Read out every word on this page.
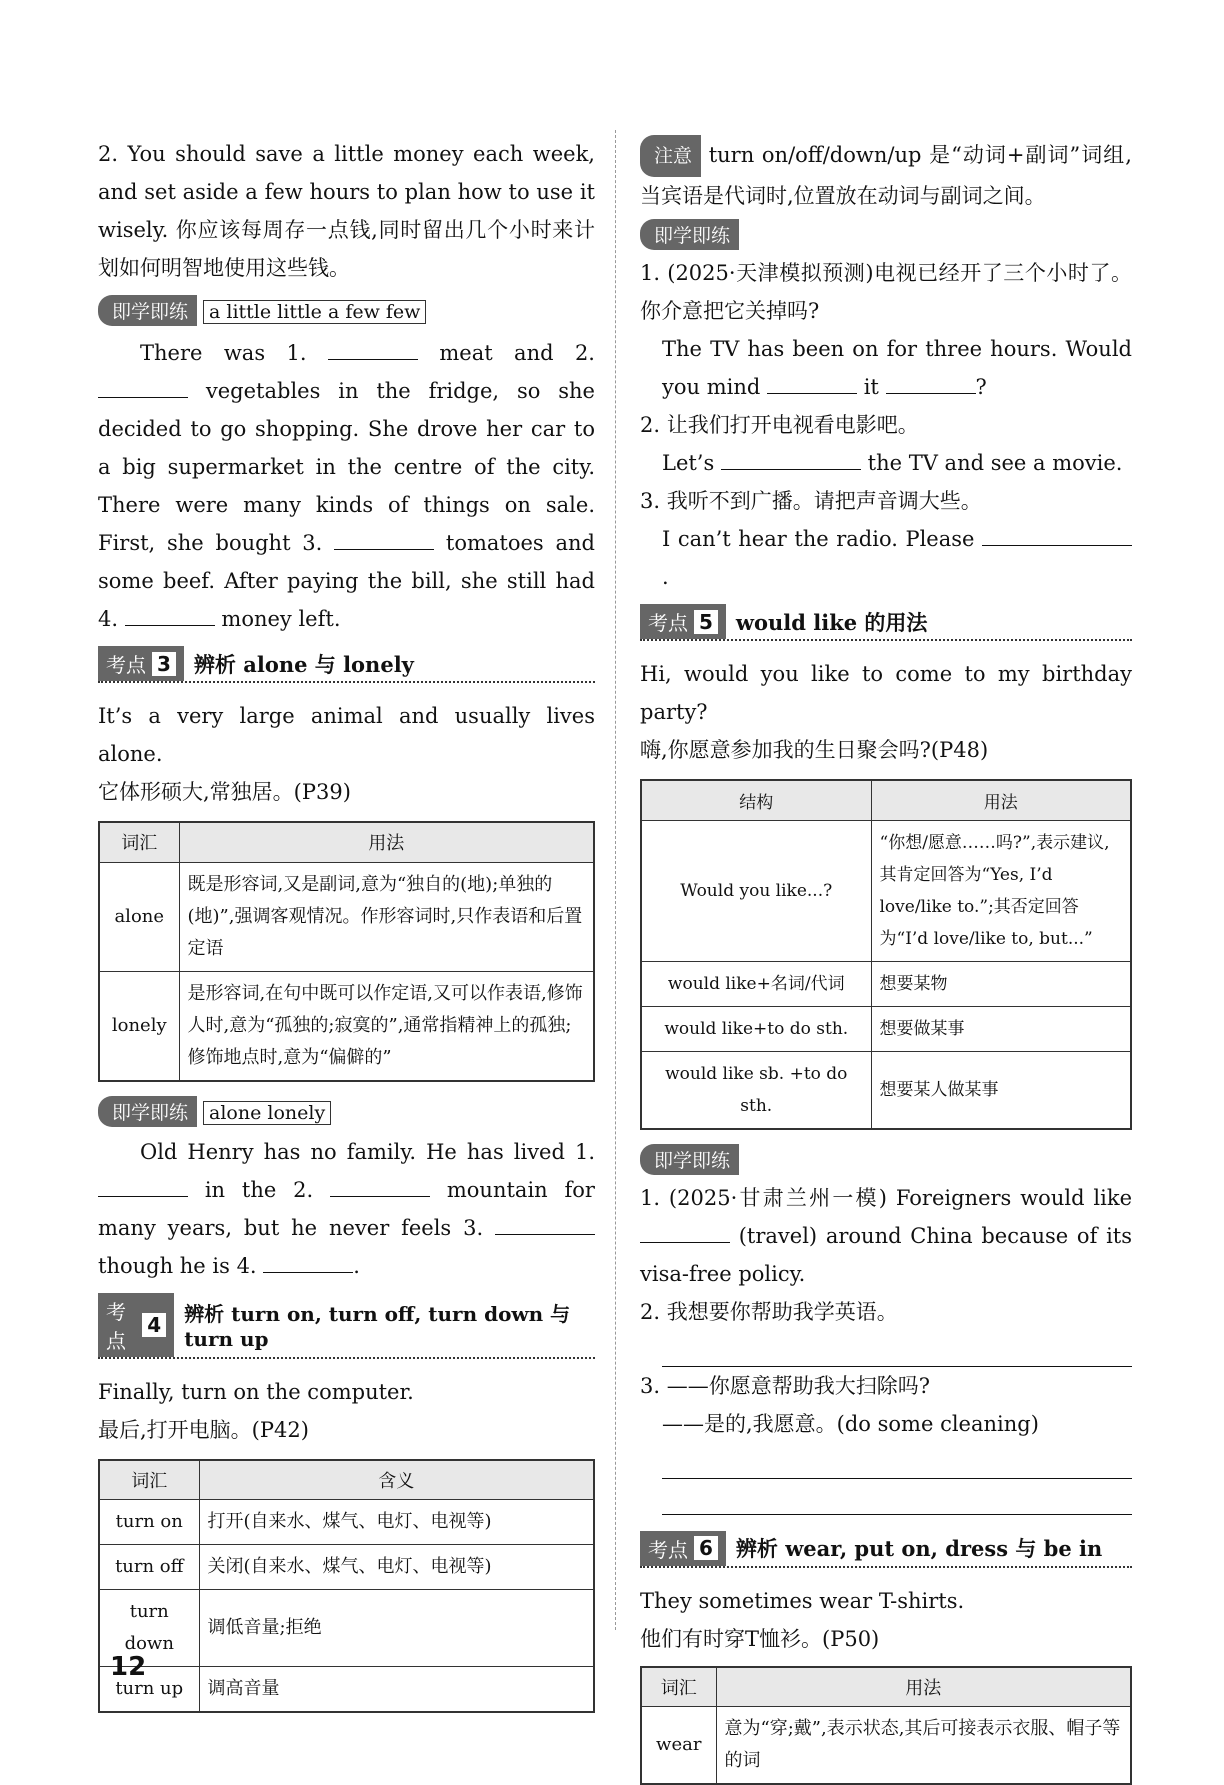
2. You should save a little money each week, and set aside a few hours to plan how to use it wisely. 你应该每周存一点钱,同时留出几个小时来计划如何明智地使用这些钱。

即学即练 a little little a few few

There was 1.	meat and 2.  vegetables in the fridge, so she decided to go shopping. She drove her car to a big supermarket in the centre of the city. There were many kinds of things on sale. First, she bought 3.	tomatoes and some beef. After paying the bill, she still had 4.	money left.

考点 3 辨析 alone 与 lonely

It’s a very large animal and usually lives alone.

它体形硕大,常独居。(P39)

词汇	用法
alone	既是形容词,又是副词,意为“独自的(地);单独的(地)”,强调客观情况。作形容词时,只作表语和后置定语
lonely	是形容词,在句中既可以作定语,又可以作表语,修饰人时,意为“孤独的;寂寞的”,通常指精神上的孤独;修饰地点时,意为“偏僻的”
即学即练 alone lonely

Old Henry has no family. He has lived 1.  in the 2.	mountain for many years, but he never feels 3.  though he is 4.	.

考点
4 辨析 turn on, turn off, turn down 与 turn up

Finally, turn on the computer.

最后,打开电脑。(P42)

词汇	含义
turn on	打开(自来水、煤气、电灯、电视等)
turn off	关闭(自来水、煤气、电灯、电视等)
turn down	调低音量;拒绝
turn up	调高音量

注意 turn on/off/down/up 是“动词+副词”词组,当宾语是代词时,位置放在动词与副词之间。

即学即练

1. (2025·天津模拟预测)电视已经开了三个小时了。你介意把它关掉吗?

The TV has been on for three hours. Would you mind	it	?

2. 让我们打开电视看电影吧。

Let’s	the TV and see a movie.

3. 我听不到广播。请把声音调大些。

I can’t hear the radio. Please .

考点 5 would like 的用法

Hi, would you like to come to my birthday party?

嗨,你愿意参加我的生日聚会吗?(P48)

结构	用法
Would you like...?	“你想/愿意……吗?”,表示建议,其肯定回答为“Yes, I’d love/like to.”;其否定回答为“I’d love/like to, but...”
would like+名词/代词	想要某物
would like+to do sth.	想要做某事
would like sb. +to do sth.	想要某人做某事
即学即练

1. (2025·甘肃兰州一模) Foreigners would like  (travel) around China because of its visa-free policy.

2. 我想要你帮助我学英语。

3. ——你愿意帮助我大扫除吗?

——是的,我愿意。(do some cleaning)

考点 6 辨析 wear, put on, dress 与 be in

They sometimes wear T-shirts.

他们有时穿T恤衫。(P50)

词汇	用法
wear	意为“穿;戴”,表示状态,其后可接表示衣服、帽子等的词
12
